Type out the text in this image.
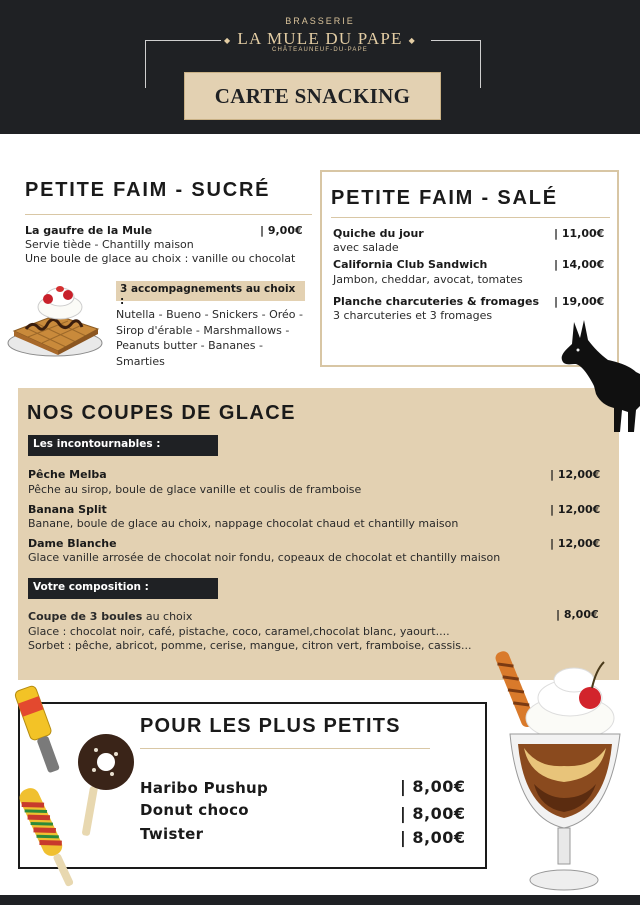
BRASSERIE
◆ LA MULE DU PAPE ◆
CHÂTEAUNEUF-DU-PAPE
CARTE SNACKING
PETITE FAIM - SUCRÉ
La gaufre de la Mule	| 9,00€
Servie tiède - Chantilly maison
Une boule de glace au choix : vanille ou chocolat
3 accompagnements au choix :
Nutella - Bueno - Snickers - Oréo - Sirop d'érable - Marshmallows - Peanuts butter - Bananes - Smarties
PETITE FAIM - SALÉ
Quiche du jour	| 11,00€
avec salade
California Club Sandwich	| 14,00€
Jambon, cheddar, avocat, tomates
Planche charcuteries & fromages | 19,00€
3 charcuteries et 3 fromages
NOS COUPES DE GLACE
Les incontournables :
Pêche Melba	| 12,00€
Pêche au sirop, boule de glace vanille et coulis de framboise
Banana Split	| 12,00€
Banane, boule de glace au choix, nappage chocolat chaud et chantilly maison
Dame Blanche	| 12,00€
Glace vanille arrosée de chocolat noir fondu, copeaux de chocolat et chantilly maison
Votre composition :
Coupe de 3 boules au choix	| 8,00€
Glace : chocolat noir, café, pistache, coco, caramel,chocolat blanc, yaourt....
Sorbet : pêche, abricot, pomme, cerise, mangue, citron vert, framboise, cassis...
POUR LES PLUS PETITS
Haribo Pushup	| 8,00€
Donut choco	| 8,00€
Twister	| 8,00€
